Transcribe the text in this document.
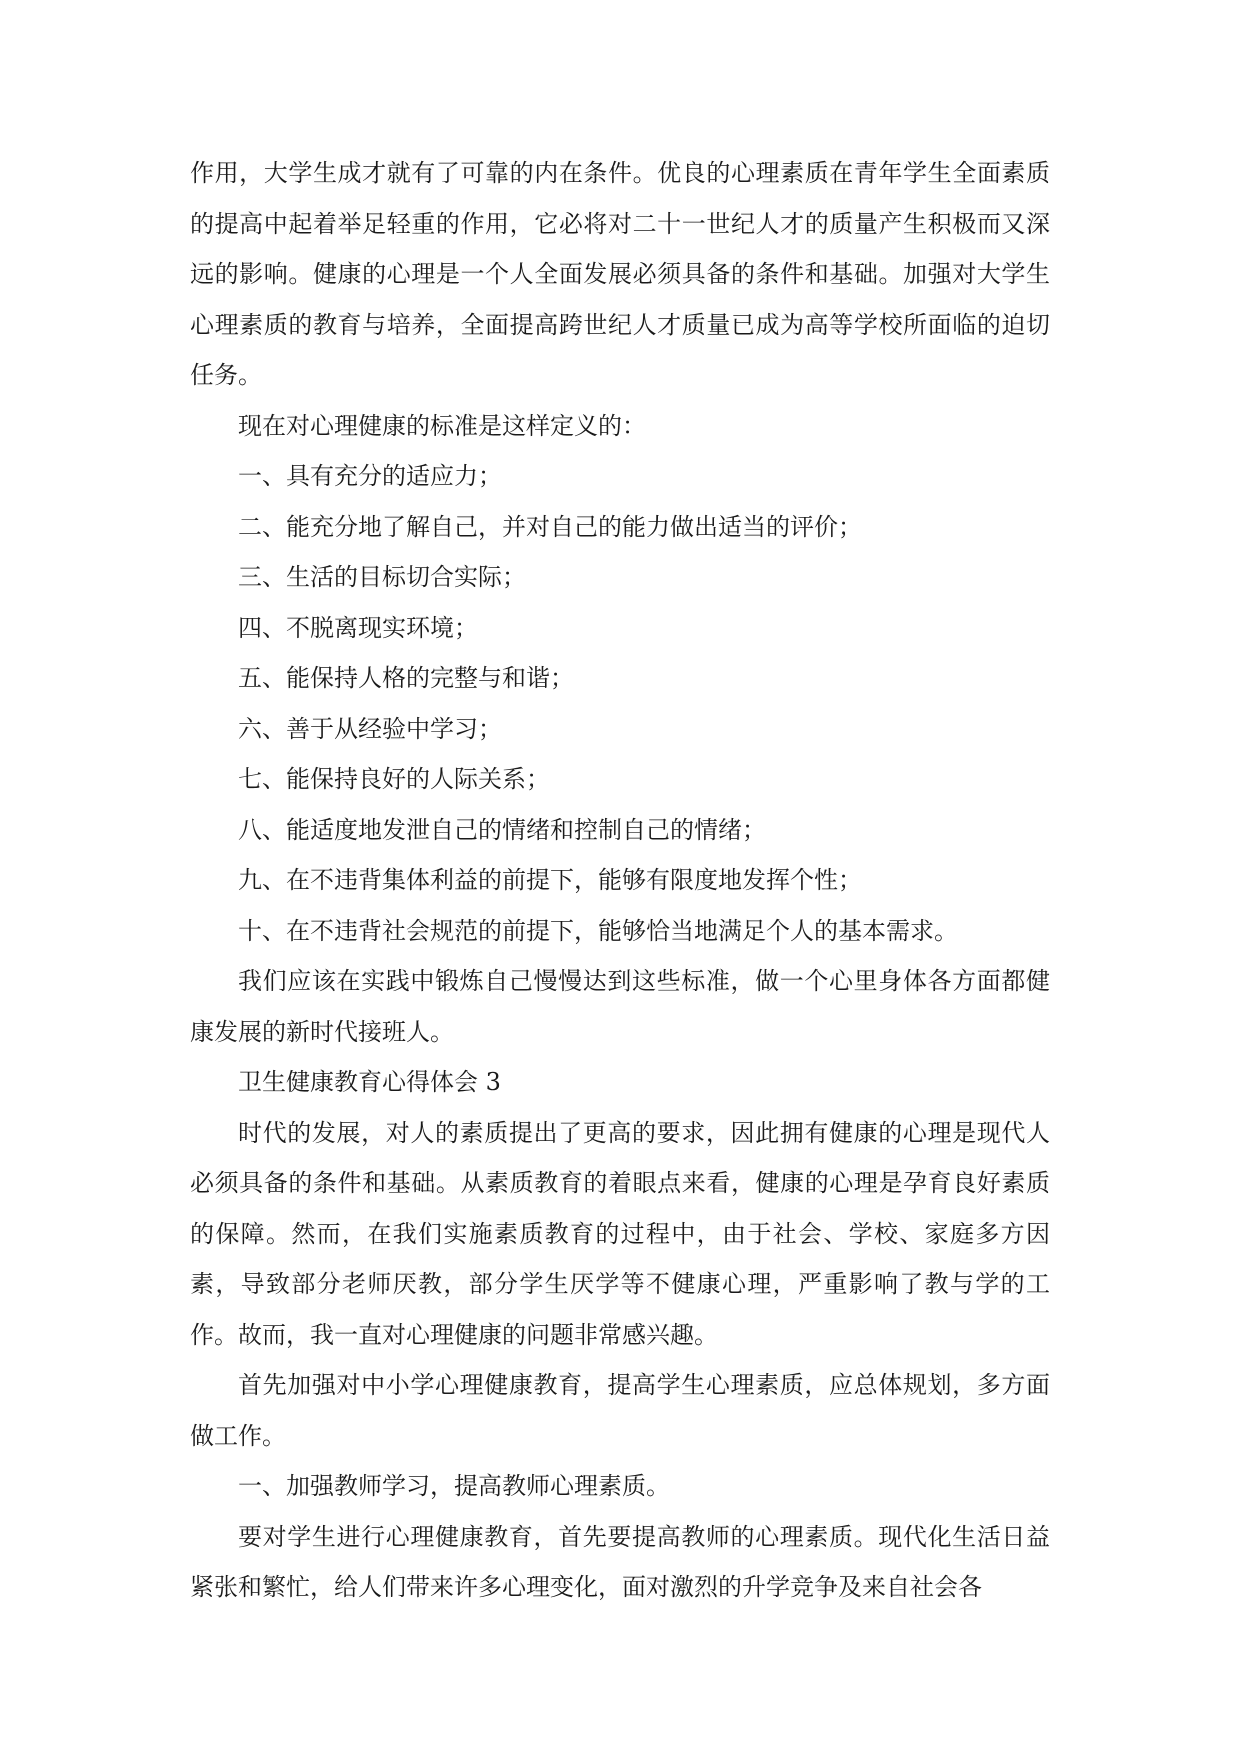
作用，大学生成才就有了可靠的内在条件。优良的心理素质在青年学生全面素质的提高中起着举足轻重的作用，它必将对二十一世纪人才的质量产生积极而又深远的影响。健康的心理是一个人全面发展必须具备的条件和基础。加强对大学生心理素质的教育与培养，全面提高跨世纪人才质量已成为高等学校所面临的迫切任务。

现在对心理健康的标准是这样定义的：

一、具有充分的适应力；

二、能充分地了解自己，并对自己的能力做出适当的评价；

三、生活的目标切合实际；

四、不脱离现实环境；

五、能保持人格的完整与和谐；

六、善于从经验中学习；

七、能保持良好的人际关系；

八、能适度地发泄自己的情绪和控制自己的情绪；

九、在不违背集体利益的前提下，能够有限度地发挥个性；

十、在不违背社会规范的前提下，能够恰当地满足个人的基本需求。

我们应该在实践中锻炼自己慢慢达到这些标准，做一个心里身体各方面都健康发展的新时代接班人。

卫生健康教育心得体会 3

时代的发展，对人的素质提出了更高的要求，因此拥有健康的心理是现代人必须具备的条件和基础。从素质教育的着眼点来看，健康的心理是孕育良好素质的保障。然而，在我们实施素质教育的过程中，由于社会、学校、家庭多方因素，导致部分老师厌教，部分学生厌学等不健康心理，严重影响了教与学的工作。故而，我一直对心理健康的问题非常感兴趣。

首先加强对中小学心理健康教育，提高学生心理素质，应总体规划，多方面做工作。

一、加强教师学习，提高教师心理素质。

要对学生进行心理健康教育，首先要提高教师的心理素质。现代化生活日益紧张和繁忙，给人们带来许多心理变化，面对激烈的升学竞争及来自社会各
